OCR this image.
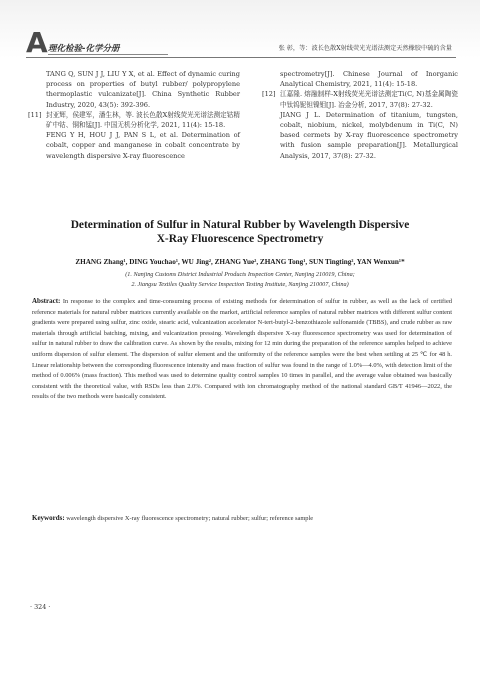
A 理化检验-化学分册	张 彰，等：波长色散X射线荧光光谱法测定天然橡胶中硫的含量
TANG Q, SUN J J, LIU Y X, et al. Effect of dynamic curing process on properties of butyl rubber/ polypropylene thermoplastic vulcanizate[J]. China Synthetic Rubber Industry, 2020, 43(5): 392-396.
[11] 封亚辉，侯建军，潘生林，等. 波长色散X射线荧光光谱法测定钴精矿中钴、铜和锰[J]. 中国无机分析化学, 2021, 11(4): 15-18.
FENG Y H, HOU J J, PAN S L, et al. Determination of cobalt, copper and manganese in cobalt concentrate by wavelength dispersive X-ray fluorescence
spectrometry[J]. Chinese Journal of Inorganic Analytical Chemistry, 2021, 11(4): 15-18.
[12] 江嘉隆. 熔融制样-X射线荧光光谱法测定Ti(C, N)基金属陶瓷中钛钨铌钽镍钼[J]. 冶金分析, 2017, 37(8): 27-32.
JIANG J L. Determination of titanium, tungsten, cobalt, niobium, nickel, molybdenum in Ti(C, N) based cermets by X-ray fluorescence spectrometry with fusion sample preparation[J]. Metallurgical Analysis, 2017, 37(8): 27-32.
Determination of Sulfur in Natural Rubber by Wavelength Dispersive
X-Ray Fluorescence Spectrometry
ZHANG Zhang¹, DING Youchao¹, WU Jing², ZHANG Yue², ZHANG Tong¹, SUN Tingting², YAN Wenxun¹*
(1. Nanjing Customs District Industrial Products Inspection Center, Nanjing 210019, China;
2. Jiangsu Textiles Quality Service Inspection Testing Institute, Nanjing 210007, China)
Abstract: In response to the complex and time-consuming process of existing methods for determination of sulfur in rubber, as well as the lack of certified reference materials for natural rubber matrices currently available on the market, artificial reference samples of natural rubber matrices with different sulfur content gradients were prepared using sulfur, zinc oxide, stearic acid, vulcanization accelerator N-tert-butyl-2-benzothiazole sulfonamide (TBBS), and crude rubber as raw materials through artificial batching, mixing, and vulcanization pressing. Wavelength dispersive X-ray fluorescence spectrometry was used for determination of sulfur in natural rubber to draw the calibration curve. As shown by the results, mixing for 12 min during the preparation of the reference samples helped to achieve uniform dispersion of sulfur element. The dispersion of sulfur element and the uniformity of the reference samples were the best when settling at 25 ℃ for 48 h. Linear relationship between the corresponding fluorescence intensity and mass fraction of sulfur was found in the range of 1.0%—4.0%, with detection limit of the method of 0.006% (mass fraction). This method was used to determine quality control samples 10 times in parallel, and the average value obtained was basically consistent with the theoretical value, with RSDs less than 2.0%. Compared with ion chromatography method of the national standard GB/T 41946—2022, the results of the two methods were basically consistent.
Keywords: wavelength dispersive X-ray fluorescence spectrometry; natural rubber; sulfur; reference sample
· 324 ·
